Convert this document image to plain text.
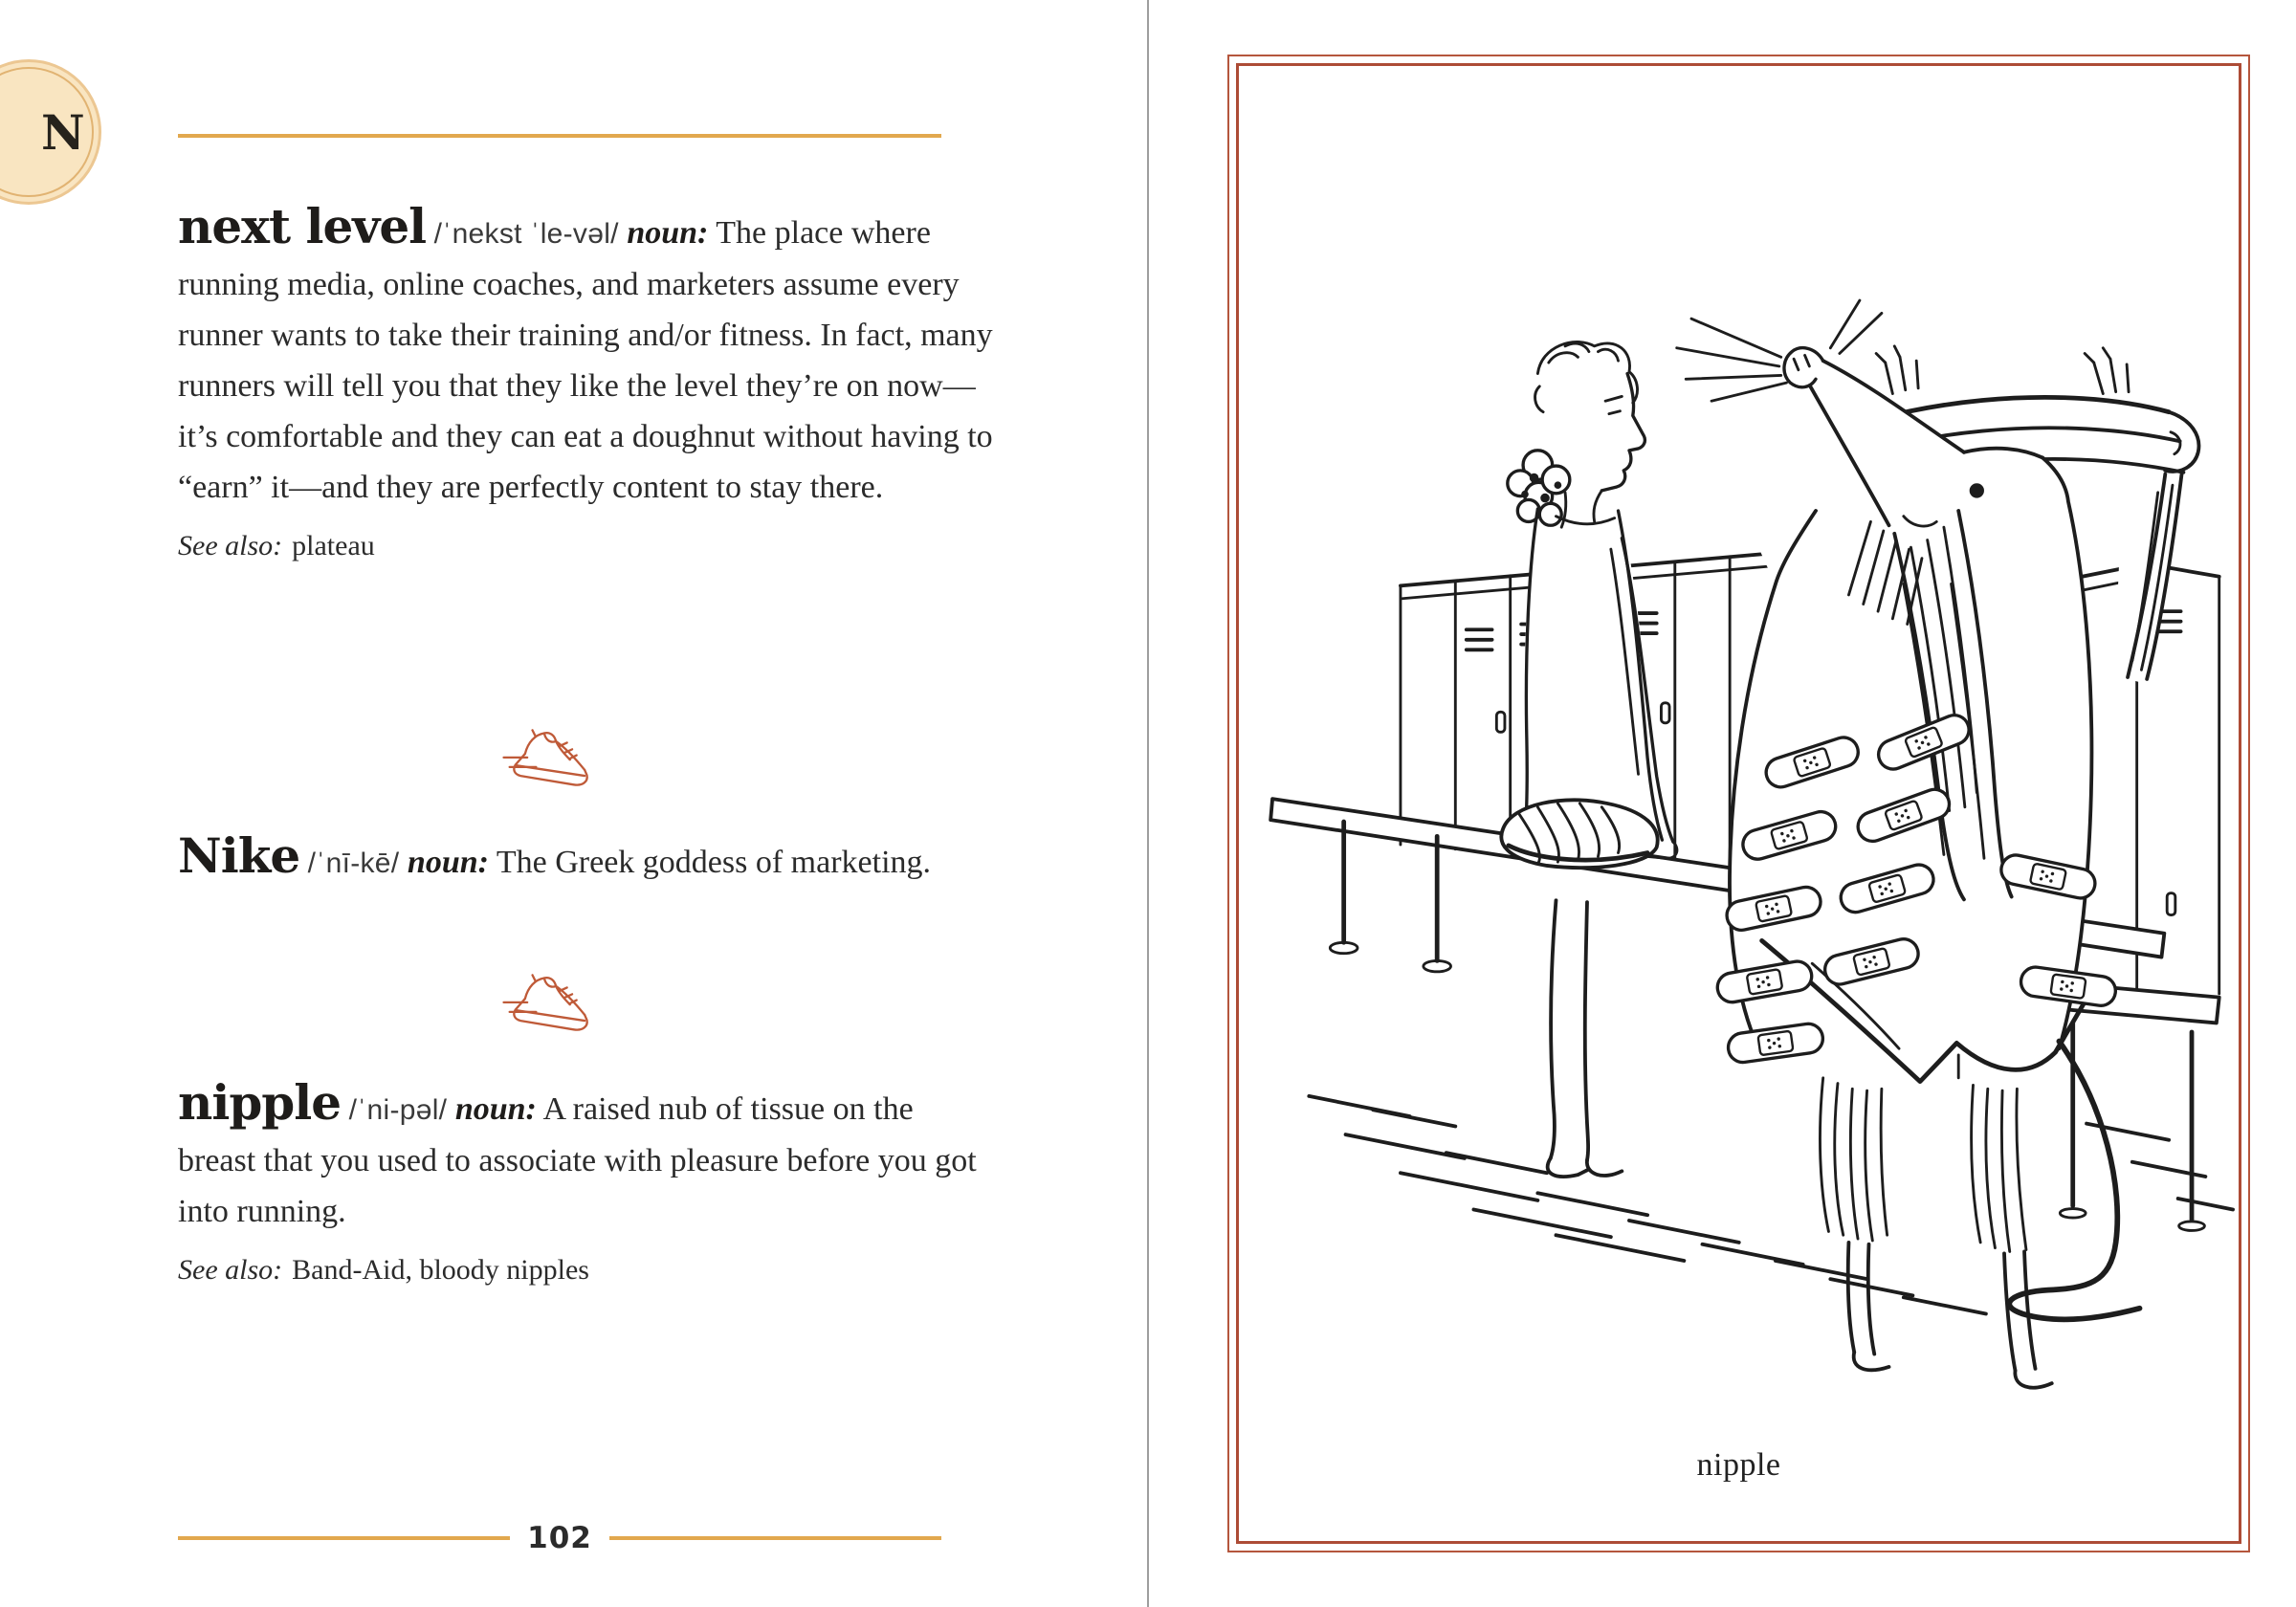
N

next level /ˈnekst ˈle-vəl/ noun: The place where running media, online coaches, and marketers assume every runner wants to take their training and/or fitness. In fact, many runners will tell you that they like the level they’re on now—it’s comfortable and they can eat a doughnut without having to “earn” it—and they are perfectly content to stay there.

See also: plateau

Nike /ˈnī-kē/ noun: The Greek goddess of marketing.

nipple /ˈni-pəl/ noun: A raised nub of tissue on the breast that you used to associate with pleasure before you got into running.

See also: Band-Aid, bloody nipples

102
nipple
